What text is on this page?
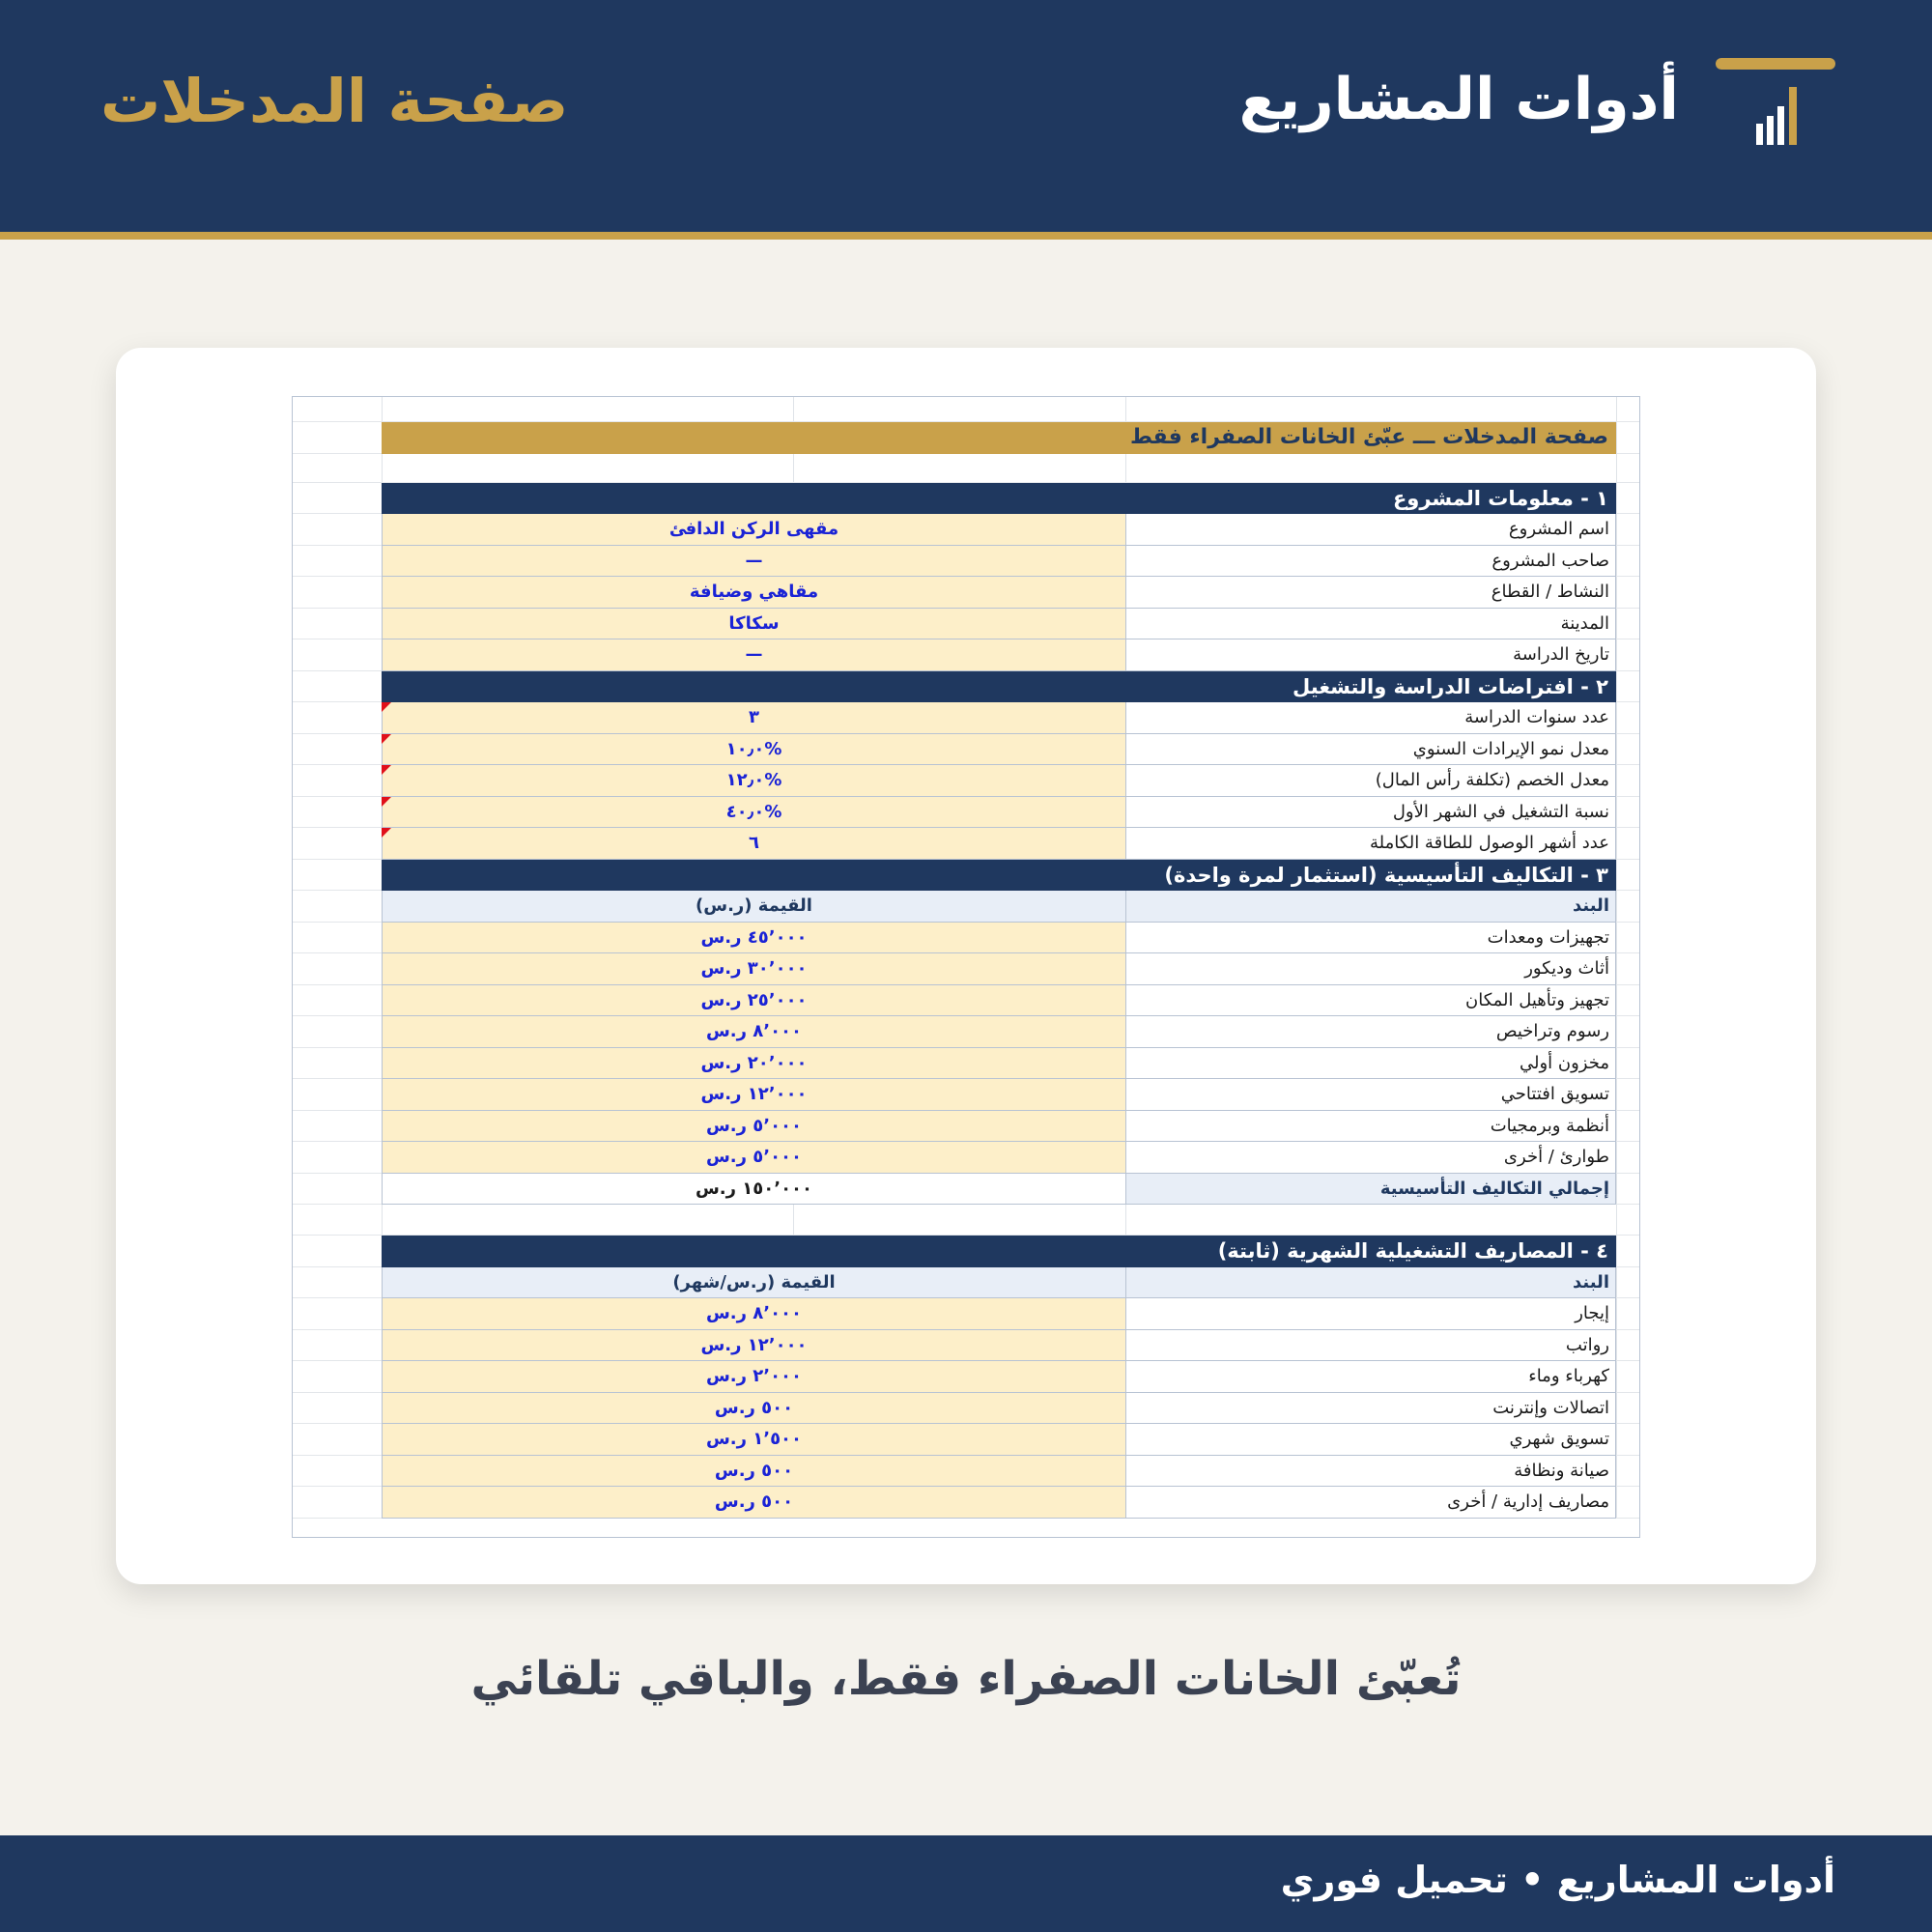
أدوات المشاريع
صفحة المدخلات
صفحة المدخلات ـــ عبّئ الخانات الصفراء فقط
١ - معلومات المشروع
اسم المشروع
مقهى الركن الدافئ
صاحب المشروع
—
النشاط / القطاع
مقاهي وضيافة
المدينة
سكاكا
تاريخ الدراسة
—
٢ - افتراضات الدراسة والتشغيل
عدد سنوات الدراسة
٣
معدل نمو الإيرادات السنوي
%١٠٫٠
معدل الخصم (تكلفة رأس المال)
%١٢٫٠
نسبة التشغيل في الشهر الأول
%٤٠٫٠
عدد أشهر الوصول للطاقة الكاملة
٦
٣ - التكاليف التأسيسية (استثمار لمرة واحدة)
البند
القيمة (ر.س)
تجهيزات ومعدات
٤٥٬٠٠٠ ر.س
أثاث وديكور
٣٠٬٠٠٠ ر.س
تجهيز وتأهيل المكان
٢٥٬٠٠٠ ر.س
رسوم وتراخيص
٨٬٠٠٠ ر.س
مخزون أولي
٢٠٬٠٠٠ ر.س
تسويق افتتاحي
١٢٬٠٠٠ ر.س
أنظمة وبرمجيات
٥٬٠٠٠ ر.س
طوارئ / أخرى
٥٬٠٠٠ ر.س
إجمالي التكاليف التأسيسية
١٥٠٬٠٠٠ ر.س
٤ - المصاريف التشغيلية الشهرية (ثابتة)
البند
القيمة (ر.س/شهر)
إيجار
٨٬٠٠٠ ر.س
رواتب
١٢٬٠٠٠ ر.س
كهرباء وماء
٢٬٠٠٠ ر.س
اتصالات وإنترنت
٥٠٠ ر.س
تسويق شهري
١٬٥٠٠ ر.س
صيانة ونظافة
٥٠٠ ر.س
مصاريف إدارية / أخرى
٥٠٠ ر.س
تُعبّئ الخانات الصفراء فقط، والباقي تلقائي
أدوات المشاريع • تحميل فوري
